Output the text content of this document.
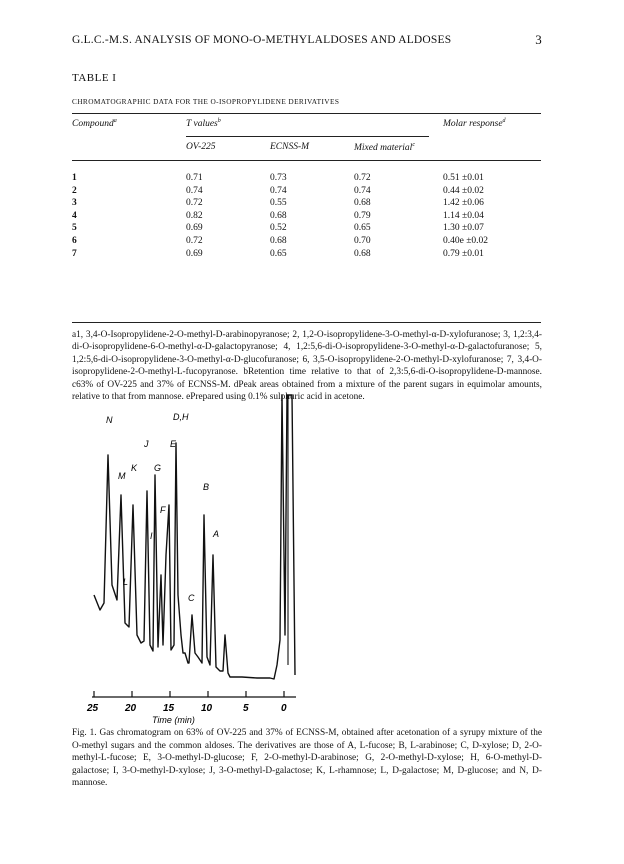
G.L.C.-M.S. ANALYSIS OF MONO-O-METHYLALDOSES AND ALDOSES	3
TABLE I
CHROMATOGRAPHIC DATA FOR THE O-ISOPROPYLIDENE DERIVATIVES
Compound$^a$	T values$^b$	Molar response$^d$
OV-225	ECNSS-M	Mixed material$^c$
1	0.71	0.73	0.72	0.51 ±0.01
2	0.74	0.74	0.74	0.44 ±0.02
3	0.72	0.55	0.68	1.42 ±0.06
4	0.82	0.68	0.79	1.14 ±0.04
5	0.69	0.52	0.65	1.30 ±0.07
6	0.72	0.68	0.70	0.40e ±0.02
7	0.69	0.65	0.68	0.79 ±0.01
a1, 3,4-O-Isopropylidene-2-O-methyl-D-arabinopyranose; 2, 1,2-O-isopropylidene-3-O-methyl-α-D-xylofuranose; 3, 1,2:3,4-di-O-isopropylidene-6-O-methyl-α-D-galactopyranose; 4, 1,2:5,6-di-O-isopropylidene-3-O-methyl-α-D-galactofuranose; 5, 1,2:5,6-di-O-isopropylidene-3-O-methyl-α-D-glucofuranose; 6, 3,5-O-isopropylidene-2-O-methyl-D-xylofuranose; 7, 3,4-O-isopropylidene-2-O-methyl-L-fucopyranose. bRetention time relative to that of 2,3:5,6-di-O-isopropylidene-D-mannose. c63% of OV-225 and 37% of ECNSS-M. dPeak areas obtained from a mixture of the parent sugars in equimolar amounts, relative to that from mannose. ePrepared using 0.1% sulphuric acid in acetone.
N
M
L
K
J
I
G
F
D,H
E
C
B
A
25	20	15	10	5	0
Time (min)
Fig. 1. Gas chromatogram on 63% of OV-225 and 37% of ECNSS-M, obtained after acetonation of a syrupy mixture of the O-methyl sugars and the common aldoses. The derivatives are those of A, L-fucose; B, L-arabinose; C, D-xylose; D, 2-O-methyl-L-fucose; E, 3-O-methyl-D-glucose; F, 2-O-methyl-D-arabinose; G, 2-O-methyl-D-xylose; H, 6-O-methyl-D-galactose; I, 3-O-methyl-D-xylose; J, 3-O-methyl-D-galactose; K, L-rhamnose; L, D-galactose; M, D-glucose; and N, D-mannose.
